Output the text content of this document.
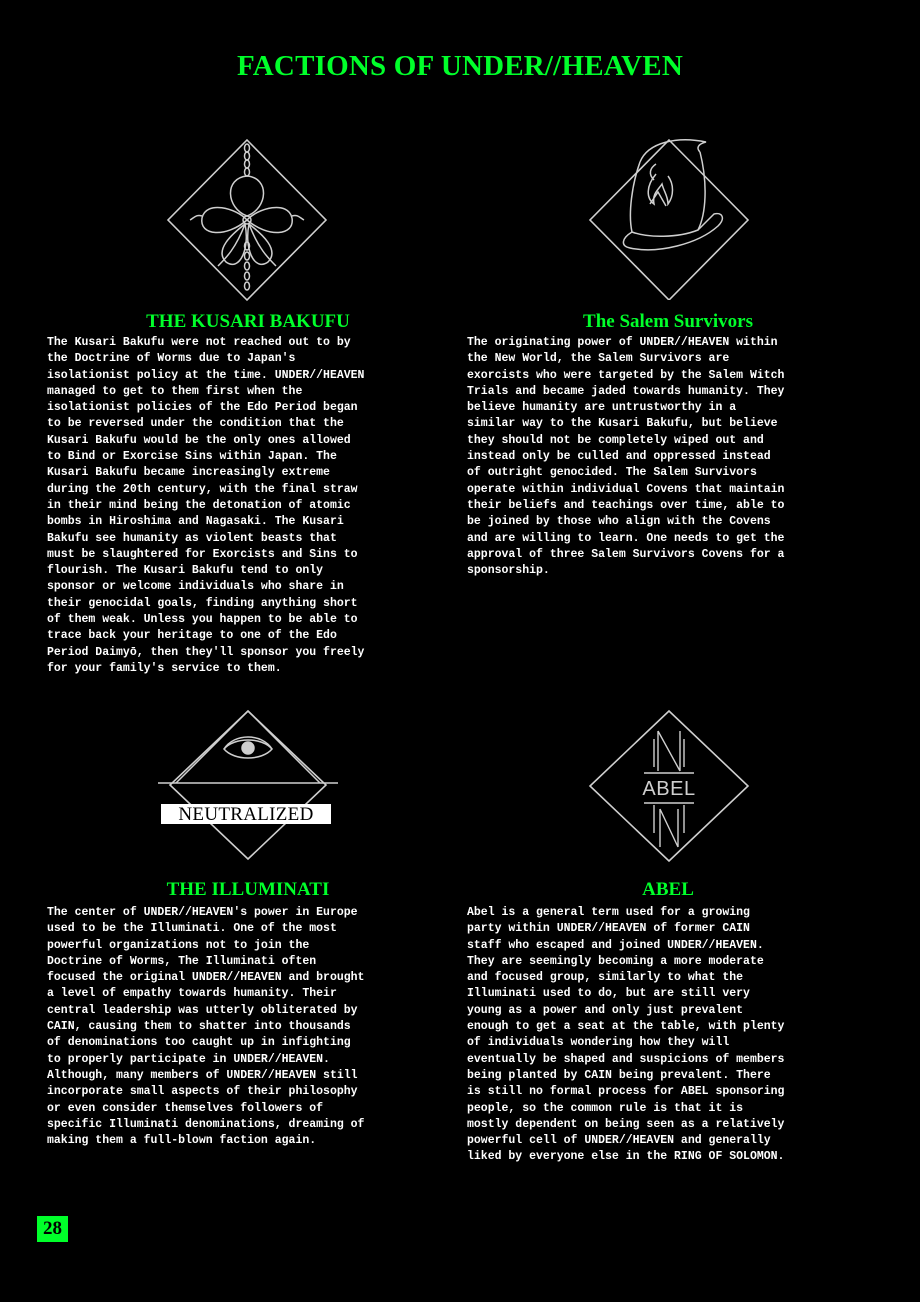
FACTIONS OF UNDER//HEAVEN
THE KUSARI BAKUFU	The Salem Survivors
The Kusari Bakufu were not reached out to by
the Doctrine of Worms due to Japan's
isolationist policy at the time. UNDER//HEAVEN
managed to get to them first when the
isolationist policies of the Edo Period began
to be reversed under the condition that the
Kusari Bakufu would be the only ones allowed
to Bind or Exorcise Sins within Japan. The
Kusari Bakufu became increasingly extreme
during the 20th century, with the final straw
in their mind being the detonation of atomic
bombs in Hiroshima and Nagasaki. The Kusari
Bakufu see humanity as violent beasts that
must be slaughtered for Exorcists and Sins to
flourish. The Kusari Bakufu tend to only
sponsor or welcome individuals who share in
their genocidal goals, finding anything short
of them weak. Unless you happen to be able to
trace back your heritage to one of the Edo
Period Daimyō, then they'll sponsor you freely
for your family's service to them.
The originating power of UNDER//HEAVEN within
the New World, the Salem Survivors are
exorcists who were targeted by the Salem Witch
Trials and became jaded towards humanity. They
believe humanity are untrustworthy in a
similar way to the Kusari Bakufu, but believe
they should not be completely wiped out and
instead only be culled and oppressed instead
of outright genocided. The Salem Survivors
operate within individual Covens that maintain
their beliefs and teachings over time, able to
be joined by those who align with the Covens
and are willing to learn. One needs to get the
approval of three Salem Survivors Covens for a
sponsorship.
NEUTRALIZED
ABEL
THE ILLUMINATI	ABEL
The center of UNDER//HEAVEN's power in Europe
used to be the Illuminati. One of the most
powerful organizations not to join the
Doctrine of Worms, The Illuminati often
focused the original UNDER//HEAVEN and brought
a level of empathy towards humanity. Their
central leadership was utterly obliterated by
CAIN, causing them to shatter into thousands
of denominations too caught up in infighting
to properly participate in UNDER//HEAVEN.
Although, many members of UNDER//HEAVEN still
incorporate small aspects of their philosophy
or even consider themselves followers of
specific Illuminati denominations, dreaming of
making them a full-blown faction again.
Abel is a general term used for a growing
party within UNDER//HEAVEN of former CAIN
staff who escaped and joined UNDER//HEAVEN.
They are seemingly becoming a more moderate
and focused group, similarly to what the
Illuminati used to do, but are still very
young as a power and only just prevalent
enough to get a seat at the table, with plenty
of individuals wondering how they will
eventually be shaped and suspicions of members
being planted by CAIN being prevalent. There
is still no formal process for ABEL sponsoring
people, so the common rule is that it is
mostly dependent on being seen as a relatively
powerful cell of UNDER//HEAVEN and generally
liked by everyone else in the RING OF SOLOMON.
28
